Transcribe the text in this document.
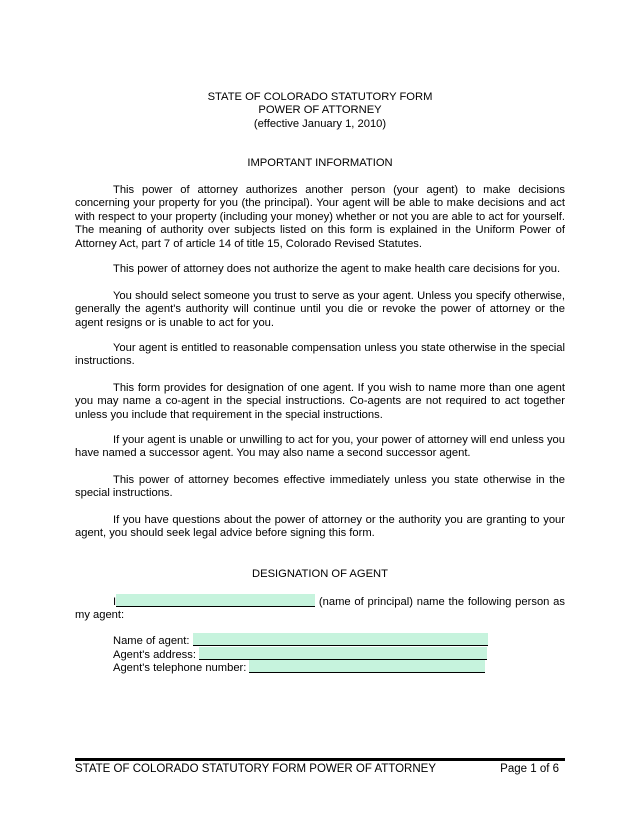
STATE OF COLORADO STATUTORY FORM
POWER OF ATTORNEY
(effective January 1, 2010)
IMPORTANT INFORMATION

This power of attorney authorizes another person (your agent) to make decisions concerning your property for you (the principal). Your agent will be able to make decisions and act with respect to your property (including your money) whether or not you are able to act for yourself. The meaning of authority over subjects listed on this form is explained in the Uniform Power of Attorney Act, part 7 of article 14 of title 15, Colorado Revised Statutes.

This power of attorney does not authorize the agent to make health care decisions for you.

You should select someone you trust to serve as your agent. Unless you specify otherwise, generally the agent's authority will continue until you die or revoke the power of attorney or the agent resigns or is unable to act for you.

Your agent is entitled to reasonable compensation unless you state otherwise in the special instructions.

This form provides for designation of one agent. If you wish to name more than one agent you may name a co-agent in the special instructions. Co-agents are not required to act together unless you include that requirement in the special instructions.

If your agent is unable or unwilling to act for you, your power of attorney will end unless you have named a successor agent. You may also name a second successor agent.

This power of attorney becomes effective immediately unless you state otherwise in the special instructions.

If you have questions about the power of attorney or the authority you are granting to your agent, you should seek legal advice before signing this form.

DESIGNATION OF AGENT

I	(name of principal) name the following person as my agent:

Name of agent:
Agent's address:
Agent's telephone number:
STATE OF COLORADO STATUTORY FORM POWER OF ATTORNEY	Page 1 of 6
